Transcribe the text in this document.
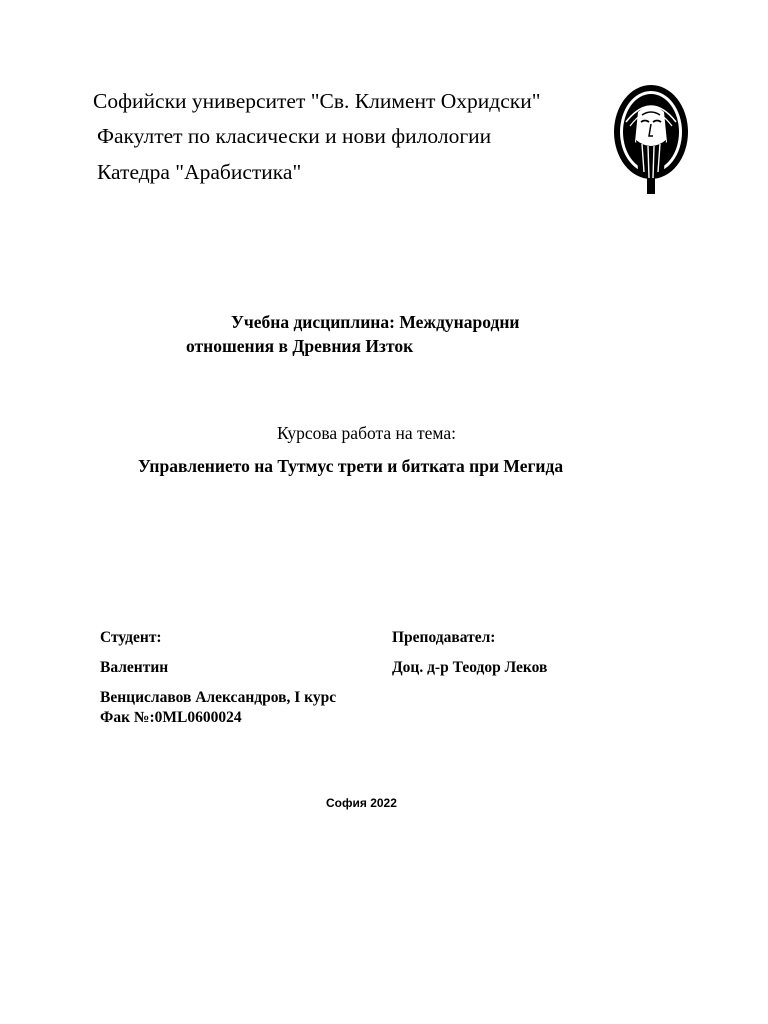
Софийски университет "Св. Климент Охридски"
Факултет по класически и нови филологии
Катедра "Арабистика"
Учебна дисциплина: Международни
отношения в Древния Изток
Курсова работа на тема:
Управлението на Тутмус трети и битката при Мегида
Студент:
Валентин
Венциславов Александров, I курс
Фак №:0ML0600024
Преподавател:
Доц. д-р Теодор Леков
София 2022
